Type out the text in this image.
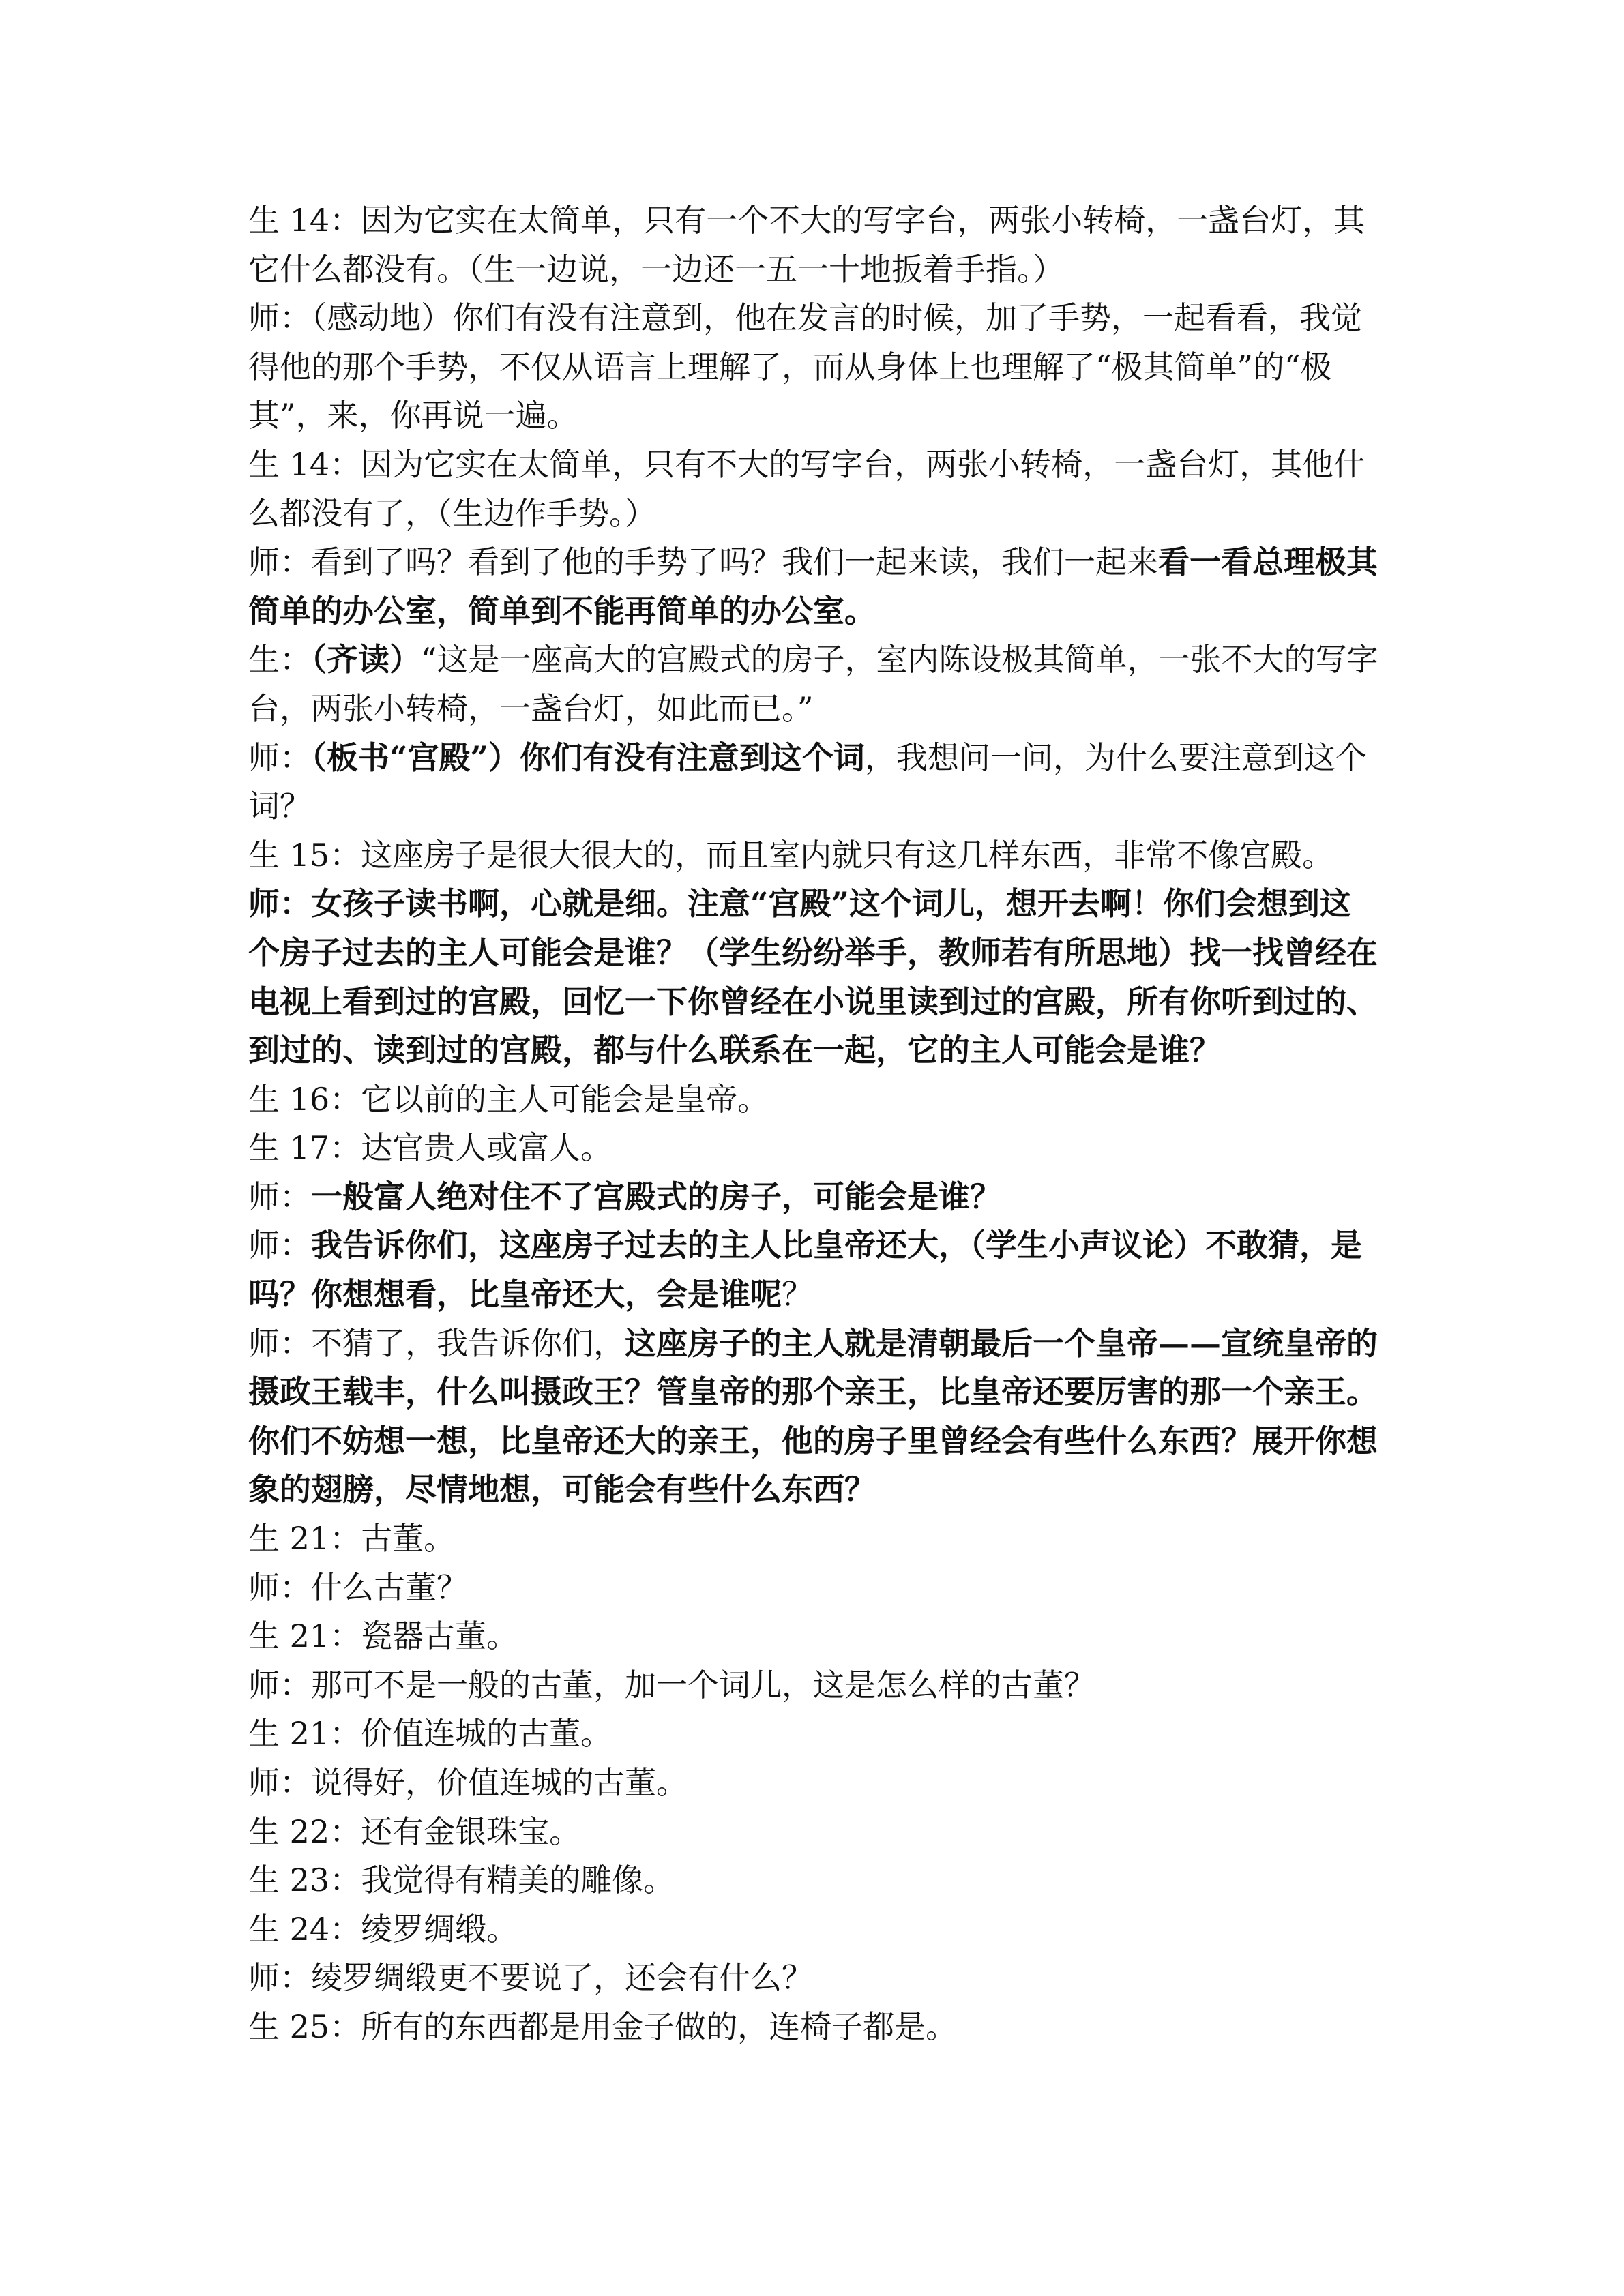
生 14：因为它实在太简单，只有一个不大的写字台，两张小转椅，一盏台灯，其它什么都没有。（生一边说，一边还一五一十地扳着手指。）

师：（感动地）你们有没有注意到，他在发言的时候，加了手势，一起看看，我觉得他的那个手势，不仅从语言上理解了，而从身体上也理解了“极其简单”的“极其”，来，你再说一遍。

生 14：因为它实在太简单，只有不大的写字台，两张小转椅，一盏台灯，其他什么都没有了，（生边作手势。）

师：看到了吗？看到了他的手势了吗？我们一起来读，我们一起来看一看总理极其简单的办公室，简单到不能再简单的办公室。

生：（齐读）“这是一座高大的宫殿式的房子，室内陈设极其简单，一张不大的写字台，两张小转椅，一盏台灯，如此而已。”

师：（板书“宫殿”）你们有没有注意到这个词，我想问一问，为什么要注意到这个词？

生 15：这座房子是很大很大的，而且室内就只有这几样东西，非常不像宫殿。

师：女孩子读书啊，心就是细。注意“宫殿”这个词儿，想开去啊！你们会想到这个房子过去的主人可能会是谁？（学生纷纷举手，教师若有所思地）找一找曾经在电视上看到过的宫殿，回忆一下你曾经在小说里读到过的宫殿，所有你听到过的、到过的、读到过的宫殿，都与什么联系在一起，它的主人可能会是谁？

生 16：它以前的主人可能会是皇帝。

生 17：达官贵人或富人。

师：一般富人绝对住不了宫殿式的房子，可能会是谁？

师：我告诉你们，这座房子过去的主人比皇帝还大，（学生小声议论）不敢猜，是吗？你想想看，比皇帝还大，会是谁呢？

师：不猜了，我告诉你们，这座房子的主人就是清朝最后一个皇帝——宣统皇帝的摄政王载丰，什么叫摄政王？管皇帝的那个亲王，比皇帝还要厉害的那一个亲王。你们不妨想一想，比皇帝还大的亲王，他的房子里曾经会有些什么东西？展开你想象的翅膀，尽情地想，可能会有些什么东西？

生 21：古董。

师：什么古董？

生 21：瓷器古董。

师：那可不是一般的古董，加一个词儿，这是怎么样的古董？

生 21：价值连城的古董。

师：说得好，价值连城的古董。

生 22：还有金银珠宝。

生 23：我觉得有精美的雕像。

生 24：绫罗绸缎。

师：绫罗绸缎更不要说了，还会有什么？

生 25：所有的东西都是用金子做的，连椅子都是。
